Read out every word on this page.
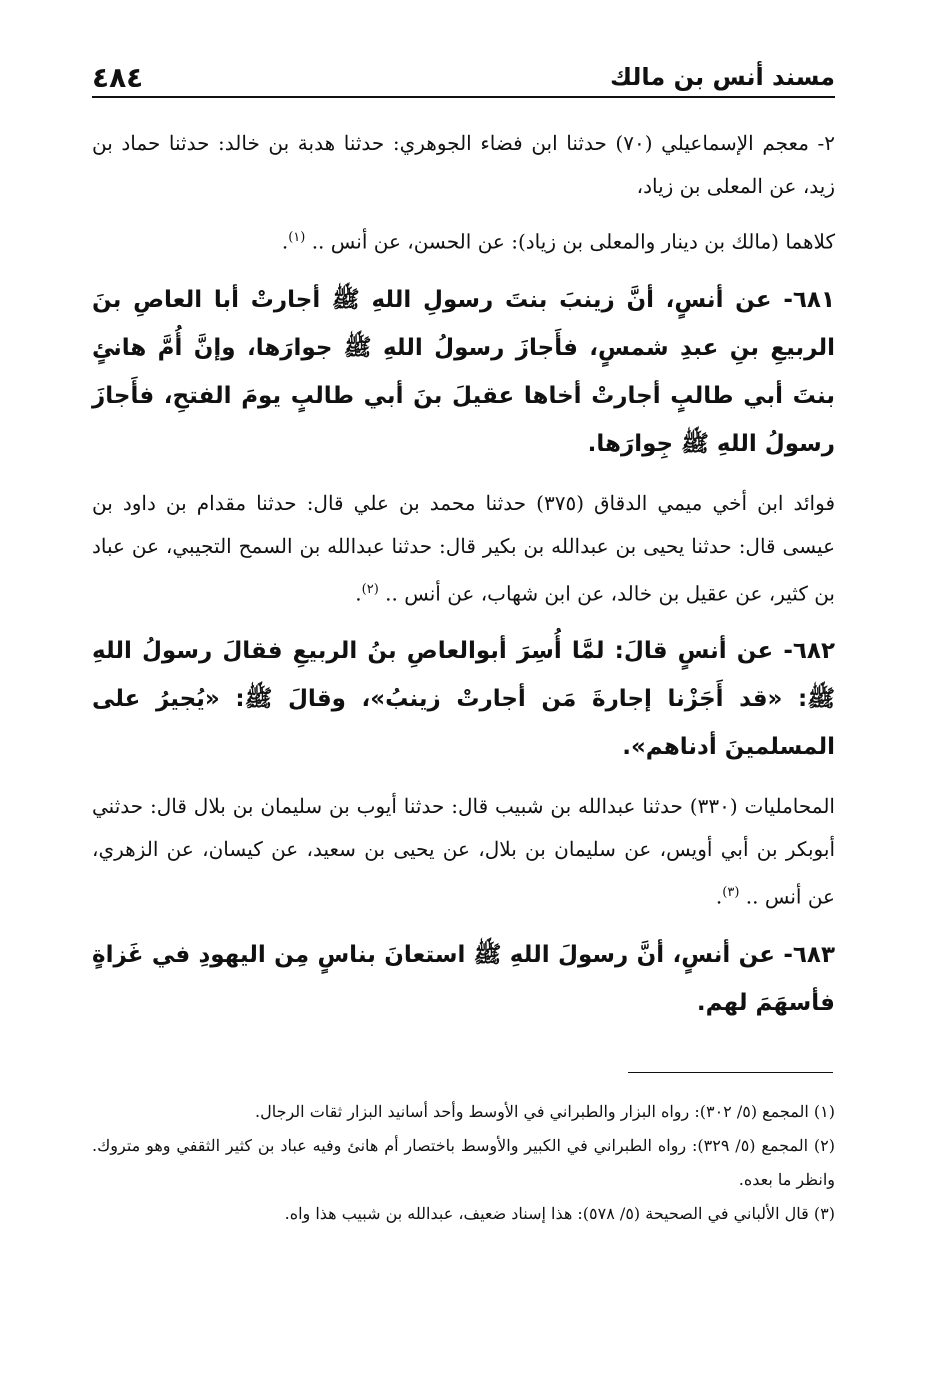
مسند أنس بن مالك
٤٨٤

٢- معجم الإسماعيلي (٧٠) حدثنا ابن فضاء الجوهري: حدثنا هدبة بن خالد: حدثنا حماد بن زيد، عن المعلى بن زياد،

كلاهما (مالك بن دينار والمعلى بن زياد): عن الحسن، عن أنس .. $^{(١)}$.

٦٨١- عن أنسٍ، أنَّ زينبَ بنتَ رسولِ اللهِ ﷺ أجارتْ أبا العاصِ بنَ الربيعِ بنِ عبدِ شمسٍ، فأَجازَ رسولُ اللهِ ﷺ جوارَها، وإنَّ أُمَّ هانئٍ بنتَ أبي طالبٍ أجارتْ أخاها عقيلَ بنَ أبي طالبٍ يومَ الفتحِ، فأَجازَ رسولُ اللهِ ﷺ جِوارَها.

فوائد ابن أخي ميمي الدقاق (٣٧٥) حدثنا محمد بن علي قال: حدثنا مقدام بن داود بن عيسى قال: حدثنا يحيى بن عبدالله بن بكير قال: حدثنا عبدالله بن السمح التجيبي، عن عباد بن كثير، عن عقيل بن خالد، عن ابن شهاب، عن أنس .. $^{(٢)}$.

٦٨٢- عن أنسٍ قالَ: لمَّا أُسِرَ أبوالعاصِ بنُ الربيعِ فقالَ رسولُ اللهِ ﷺ: «قد أَجَزْنا إجارةَ مَن أجارتْ زينبُ»، وقالَ ﷺ: «يُجيرُ على المسلمينَ أدناهم».

المحامليات (٣٣٠) حدثنا عبدالله بن شبيب قال: حدثنا أيوب بن سليمان بن بلال قال: حدثني أبوبكر بن أبي أويس، عن سليمان بن بلال، عن يحيى بن سعيد، عن كيسان، عن الزهري، عن أنس .. $^{(٣)}$.

٦٨٣- عن أنسٍ، أنَّ رسولَ اللهِ ﷺ استعانَ بناسٍ مِن اليهودِ في غَزاةٍ فأسهَمَ لهم.

(١) المجمع (٥/ ٣٠٢): رواه البزار والطبراني في الأوسط وأحد أسانيد البزار ثقات الرجال.

(٢) المجمع (٥/ ٣٢٩): رواه الطبراني في الكبير والأوسط باختصار أم هانئ وفيه عباد بن كثير الثقفي وهو متروك. وانظر ما بعده.

(٣) قال الألباني في الصحيحة (٥/ ٥٧٨): هذا إسناد ضعيف، عبدالله بن شبيب هذا واه.
